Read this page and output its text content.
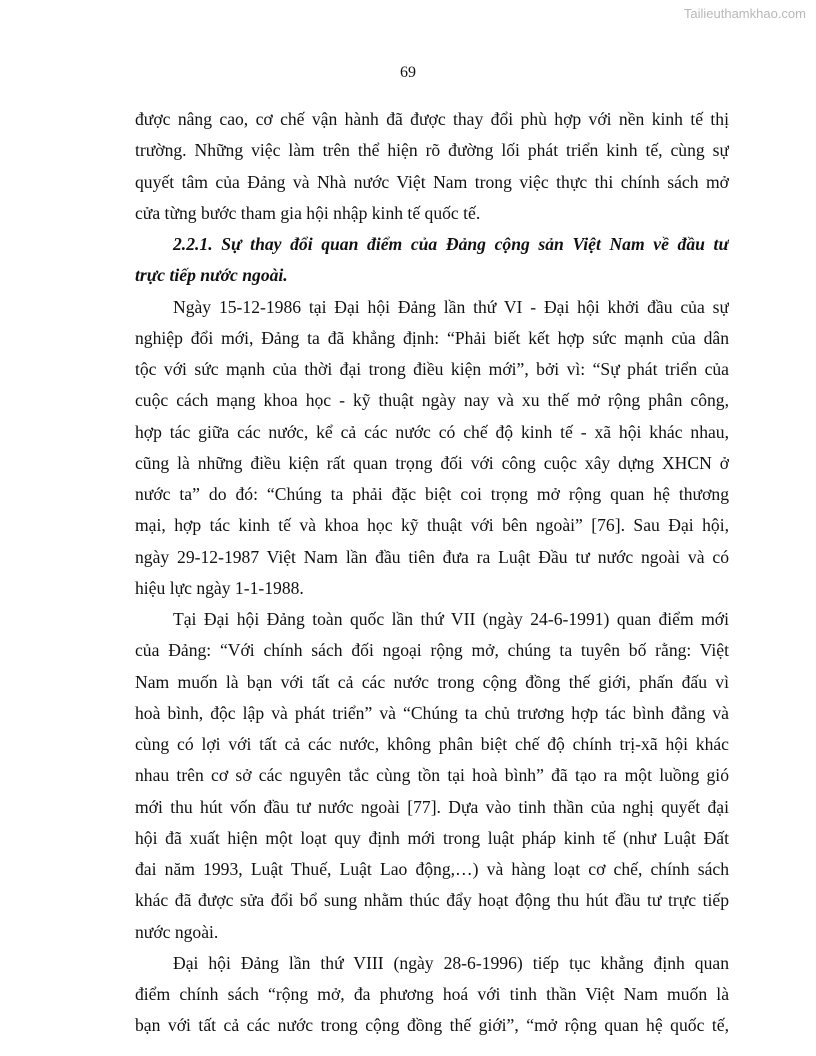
Tailieuthamkhao.com
69
được nâng cao, cơ chế vận hành đã được thay đổi phù hợp với nền kinh tế thị
trường. Những việc làm trên thể hiện rõ đường lối phát triển kinh tế, cùng sự
quyết tâm của Đảng và Nhà nước Việt Nam trong việc thực thi chính sách mở
cửa từng bước tham gia hội nhập kinh tế quốc tế.
2.2.1. Sự thay đổi quan điểm của Đảng cộng sản Việt Nam về đầu tư
trực tiếp nước ngoài.
Ngày 15-12-1986 tại Đại hội Đảng lần thứ VI - Đại hội khởi đầu của sự
nghiệp đổi mới, Đảng ta đã khẳng định: “Phải biết kết hợp sức mạnh của dân
tộc với sức mạnh của thời đại trong điều kiện mới”, bởi vì: “Sự phát triển của
cuộc cách mạng khoa học - kỹ thuật ngày nay và xu thế mở rộng phân công,
hợp tác giữa các nước, kể cả các nước có chế độ kinh tế - xã hội khác nhau,
cũng là những điều kiện rất quan trọng đối với công cuộc xây dựng XHCN ở
nước ta” do đó: “Chúng ta phải đặc biệt coi trọng mở rộng quan hệ thương
mại, hợp tác kinh tế và khoa học kỹ thuật với bên ngoài” [76]. Sau Đại hội,
ngày 29-12-1987 Việt Nam lần đầu tiên đưa ra Luật Đầu tư nước ngoài và có
hiệu lực ngày 1-1-1988.
Tại Đại hội Đảng toàn quốc lần thứ VII (ngày 24-6-1991) quan điểm mới
của Đảng: “Với chính sách đối ngoại rộng mở, chúng ta tuyên bố rằng: Việt
Nam muốn là bạn với tất cả các nước trong cộng đồng thế giới, phấn đấu vì
hoà bình, độc lập và phát triển” và “Chúng ta chủ trương hợp tác bình đẳng và
cùng có lợi với tất cả các nước, không phân biệt chế độ chính trị-xã hội khác
nhau trên cơ sở các nguyên tắc cùng tồn tại hoà bình” đã tạo ra một luồng gió
mới thu hút vốn đầu tư nước ngoài [77]. Dựa vào tinh thần của nghị quyết đại
hội đã xuất hiện một loạt quy định mới trong luật pháp kinh tế (như Luật Đất
đai năm 1993, Luật Thuế, Luật Lao động,…) và hàng loạt cơ chế, chính sách
khác đã được sửa đổi bổ sung nhằm thúc đẩy hoạt động thu hút đầu tư trực tiếp
nước ngoài.
Đại hội Đảng lần thứ VIII (ngày 28-6-1996) tiếp tục khẳng định quan
điểm chính sách “rộng mở, đa phương hoá với tinh thần Việt Nam muốn là
bạn với tất cả các nước trong cộng đồng thế giới”, “mở rộng quan hệ quốc tế,
